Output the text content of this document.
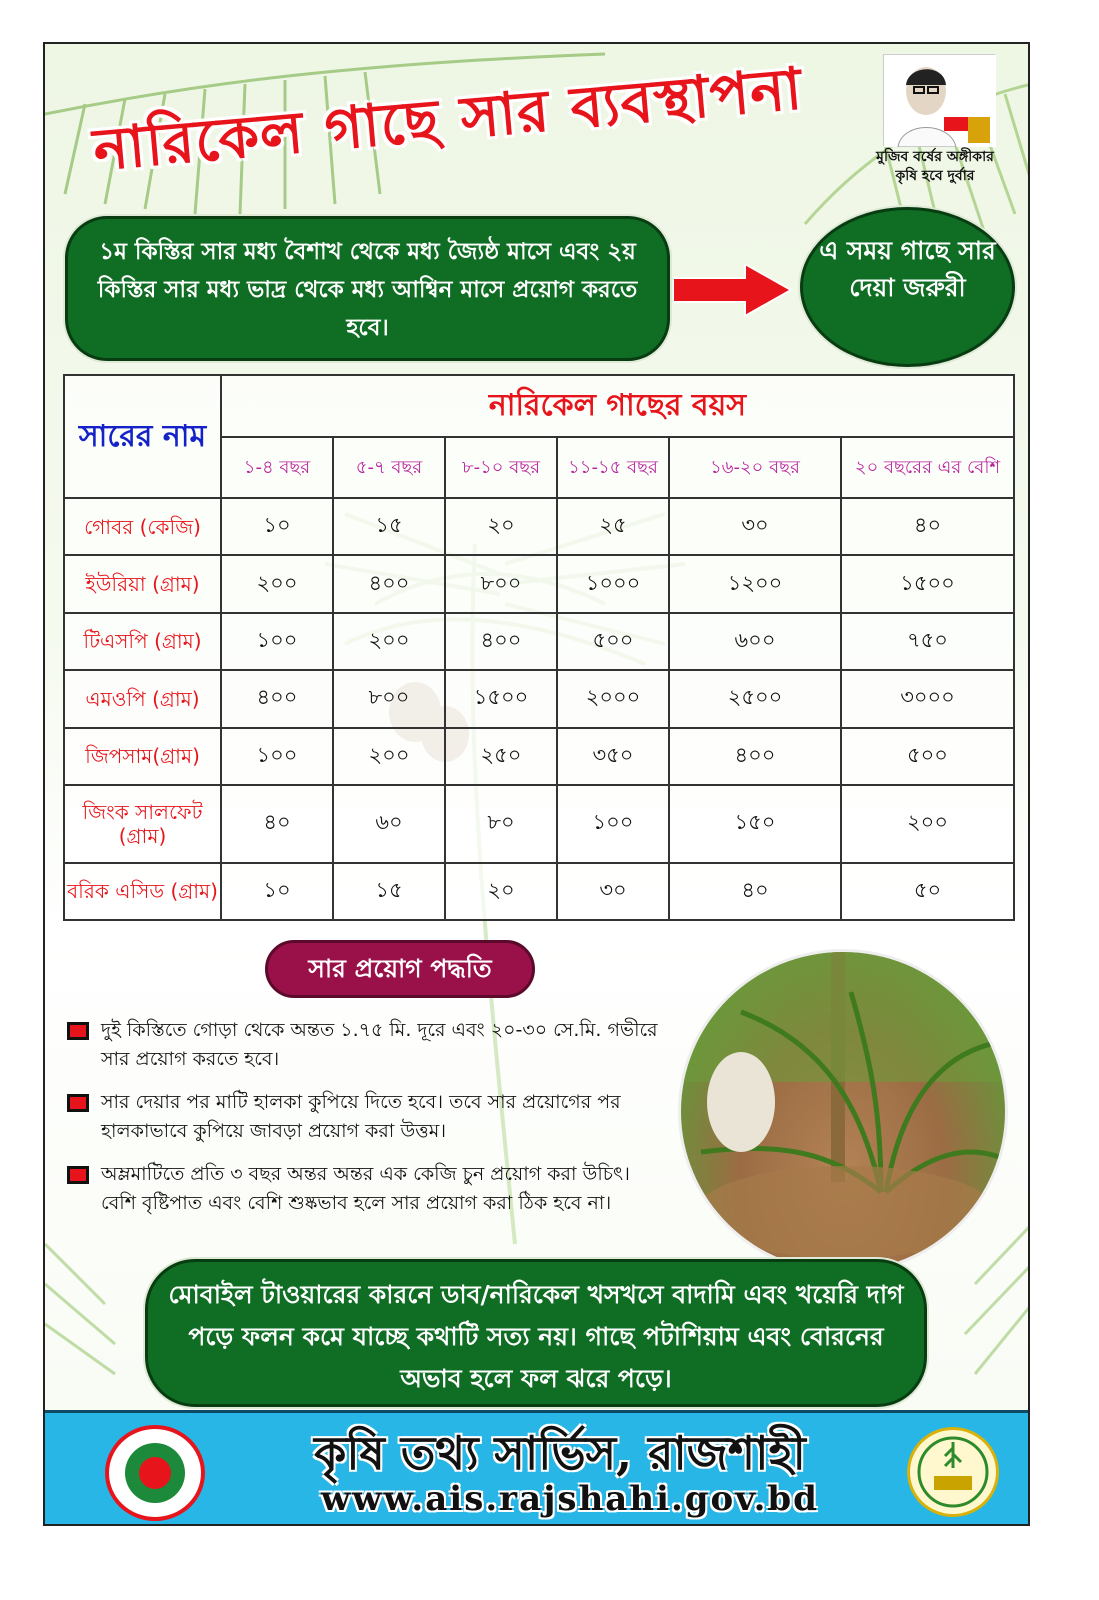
নারিকেল গাছে সার ব্যবস্থাপনা	মুজিব বর্ষের অঙ্গীকার
কৃষি হবে দুর্বার
১ম কিস্তির সার মধ্য বৈশাখ থেকে মধ্য জ্যৈষ্ঠ মাসে এবং ২য় কিস্তির সার মধ্য ভাদ্র থেকে মধ্য আশ্বিন মাসে প্রয়োগ করতে হবে।
এ সময় গাছে সার দেয়া জরুরী
সারের নাম	নারিকেল গাছের বয়স					
	১-৪ বছর	৫-৭ বছর	৮-১০ বছর	১১-১৫ বছর	১৬-২০ বছর	২০ বছরের এর বেশি
গোবর (কেজি)	১০	১৫	২০	২৫	৩০	৪০
ইউরিয়া (গ্রাম)	২০০	৪০০	৮০০	১০০০	১২০০	১৫০০
টিএসপি (গ্রাম)	১০০	২০০	৪০০	৫০০	৬০০	৭৫০
এমওপি (গ্রাম)	৪০০	৮০০	১৫০০	২০০০	২৫০০	৩০০০
জিপসাম(গ্রাম)	১০০	২০০	২৫০	৩৫০	৪০০	৫০০
জিংক সালফেট (গ্রাম)	৪০	৬০	৮০	১০০	১৫০	২০০
বরিক এসিড (গ্রাম)	১০	১৫	২০	৩০	৪০	৫০
সার প্রয়োগ পদ্ধতি
দুই কিস্তিতে গোড়া থেকে অন্তত ১.৭৫ মি. দূরে এবং ২০-৩০ সে.মি. গভীরে সার প্রয়োগ করতে হবে।
সার দেয়ার পর মাটি হালকা কুপিয়ে দিতে হবে। তবে সার প্রয়োগের পর হালকাভাবে কুপিয়ে জাবড়া প্রয়োগ করা উত্তম।
অম্লমাটিতে প্রতি ৩ বছর অন্তর অন্তর এক কেজি চুন প্রয়োগ করা উচিৎ। বেশি বৃষ্টিপাত এবং বেশি শুষ্কভাব হলে সার প্রয়োগ করা ঠিক হবে না।
মোবাইল টাওয়ারের কারনে ডাব/নারিকেল খসখসে বাদামি এবং খয়েরি দাগ পড়ে ফলন কমে যাচ্ছে কথাটি সত্য নয়। গাছে পটাশিয়াম এবং বোরনের অভাব হলে ফল ঝরে পড়ে।
কৃষি তথ্য সার্ভিস, রাজশাহী
www.ais.rajshahi.gov.bd
